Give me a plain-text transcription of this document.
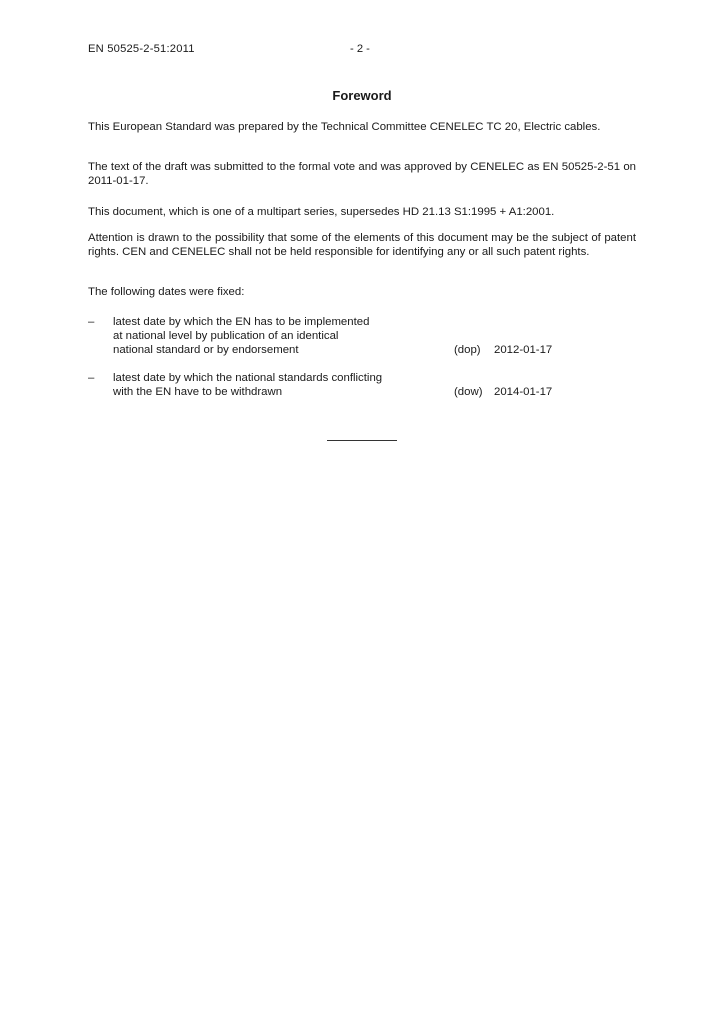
EN 50525-2-51:2011	- 2 -
Foreword
This European Standard was prepared by the Technical Committee CENELEC TC 20, Electric cables.
The text of the draft was submitted to the formal vote and was approved by CENELEC as EN 50525-2-51 on 2011-01-17.
This document, which is one of a multipart series, supersedes HD 21.13 S1:1995 + A1:2001.
Attention is drawn to the possibility that some of the elements of this document may be the subject of patent rights. CEN and CENELEC shall not be held responsible for identifying any or all such patent rights.
The following dates were fixed:
– latest date by which the EN has to be implemented
at national level by publication of an identical
national standard or by endorsement	(dop) 2012-01-17
– latest date by which the national standards conflicting
with the EN have to be withdrawn	(dow) 2014-01-17
